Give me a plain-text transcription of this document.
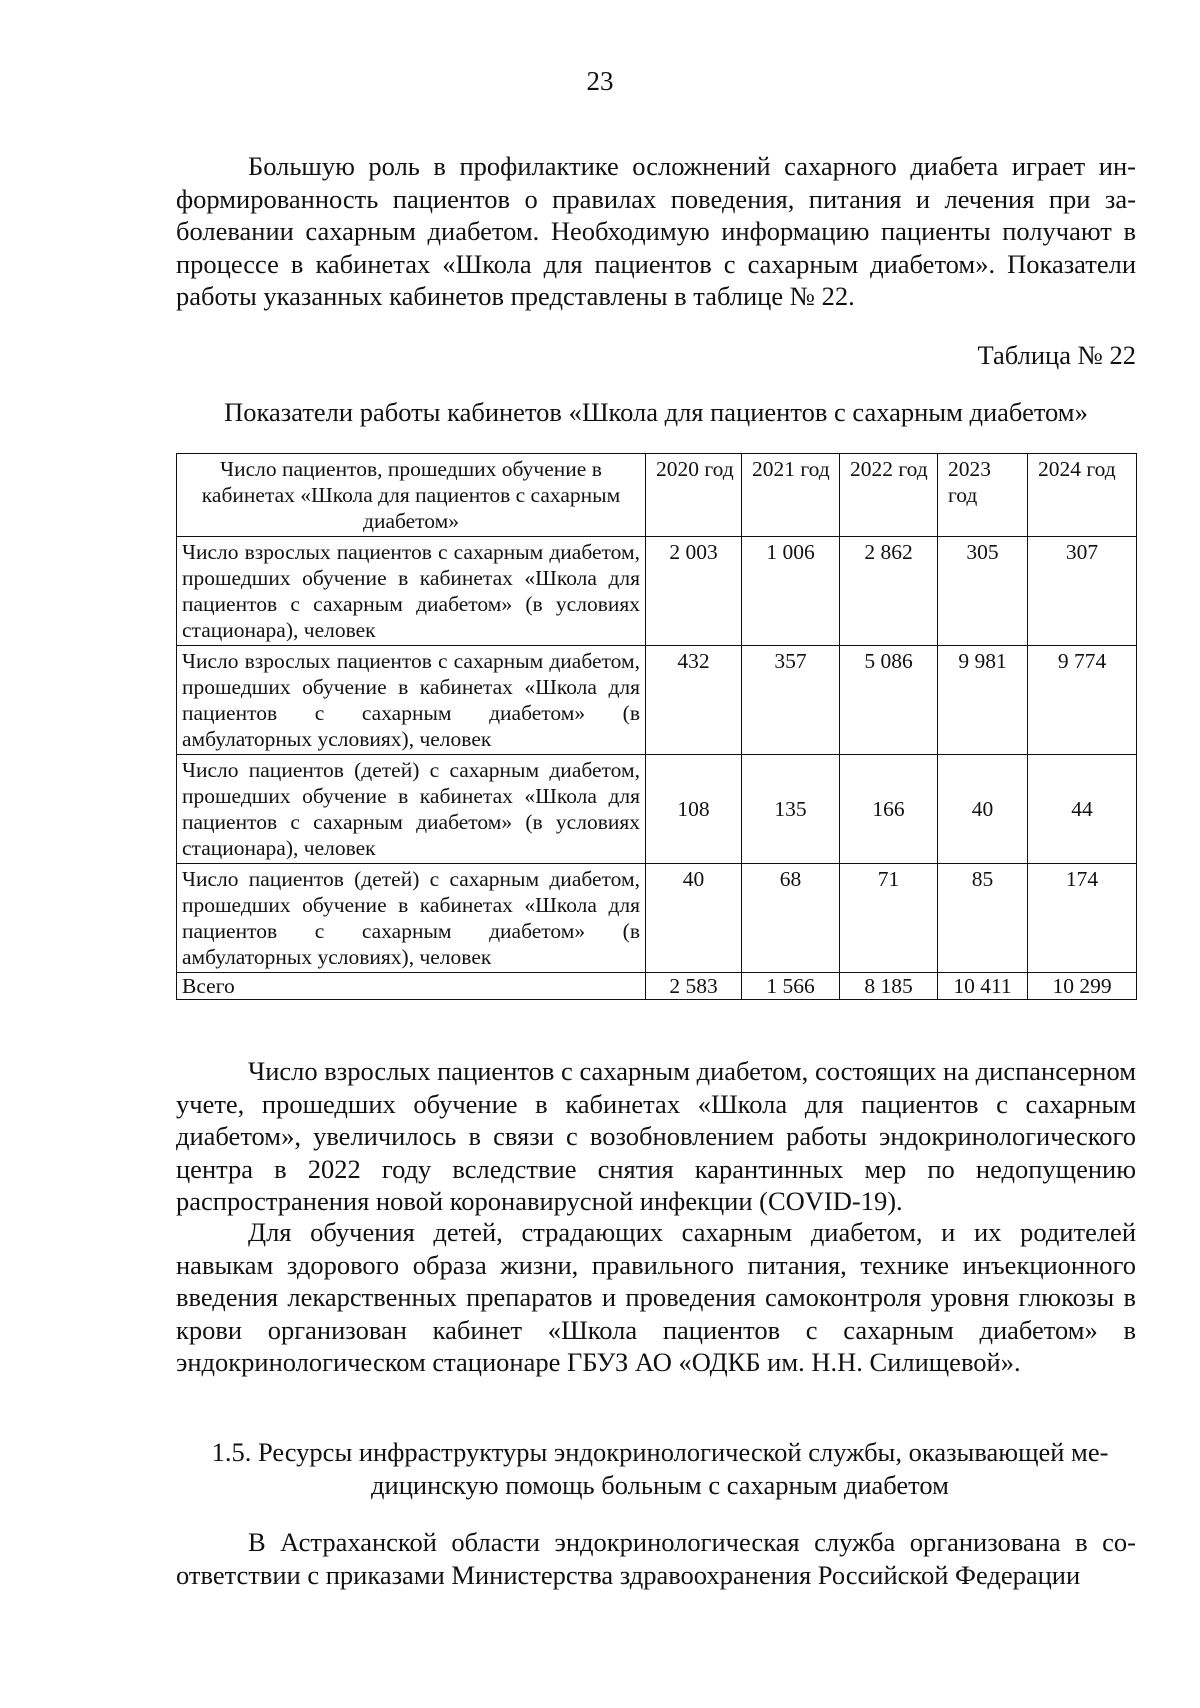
23

Большую роль в профилактике осложнений сахарного диабета играет информированность пациентов о правилах поведения, питания и лечения при заболевании сахарным диабетом. Необходимую информацию пациенты получают в процессе в кабинетах «Школа для пациентов с сахарным диабетом». Показатели работы указанных кабинетов представлены в таблице № 22.

Таблица № 22
Показатели работы кабинетов «Школа для пациентов с сахарным диабетом»
Число пациентов, прошедших обучение в кабинетах «Школа для пациентов с сахарным диабетом»	2020 год	2021 год	2022 год	2023 год	2024 год
Число взрослых пациентов с сахарным диабетом, прошедших обучение в кабинетах «Школа для пациентов с сахарным диабетом» (в условиях стационара), человек	2 003	1 006	2 862	305	307
Число взрослых пациентов с сахарным диабетом, прошедших обучение в кабинетах «Школа для пациентов с сахарным диабетом» (в амбулаторных условиях), человек	432	357	5 086	9 981	9 774
Число пациентов (детей) с сахарным диабетом, прошедших обучение в кабинетах «Школа для пациентов с сахарным диабетом» (в условиях стационара), человек	108	135	166	40	44
Число пациентов (детей) с сахарным диабетом, прошедших обучение в кабинетах «Школа для пациентов с сахарным диабетом» (в амбулаторных условиях), человек	40	68	71	85	174
Всего	2 583	1 566	8 185	10 411	10 299

Число взрослых пациентов с сахарным диабетом, состоящих на диспансерном учете, прошедших обучение в кабинетах «Школа для пациентов с сахарным диабетом», увеличилось в связи с возобновлением работы эндокринологического центра в 2022 году вследствие снятия карантинных мер по недопущению распространения новой коронавирусной инфекции (COVID-19).

Для обучения детей, страдающих сахарным диабетом, и их родителей навыкам здорового образа жизни, правильного питания, технике инъекционного введения лекарственных препаратов и проведения самоконтроля уровня глюкозы в крови организован кабинет «Школа пациентов с сахарным диабетом» в эндокринологическом стационаре ГБУЗ АО «ОДКБ им. Н.Н. Силищевой».

1.5. Ресурсы инфраструктуры эндокринологической службы, оказывающей медицинскую помощь больным с сахарным диабетом

В Астраханской области эндокринологическая служба организована в соответствии с приказами Министерства здравоохранения Российской Федерации
